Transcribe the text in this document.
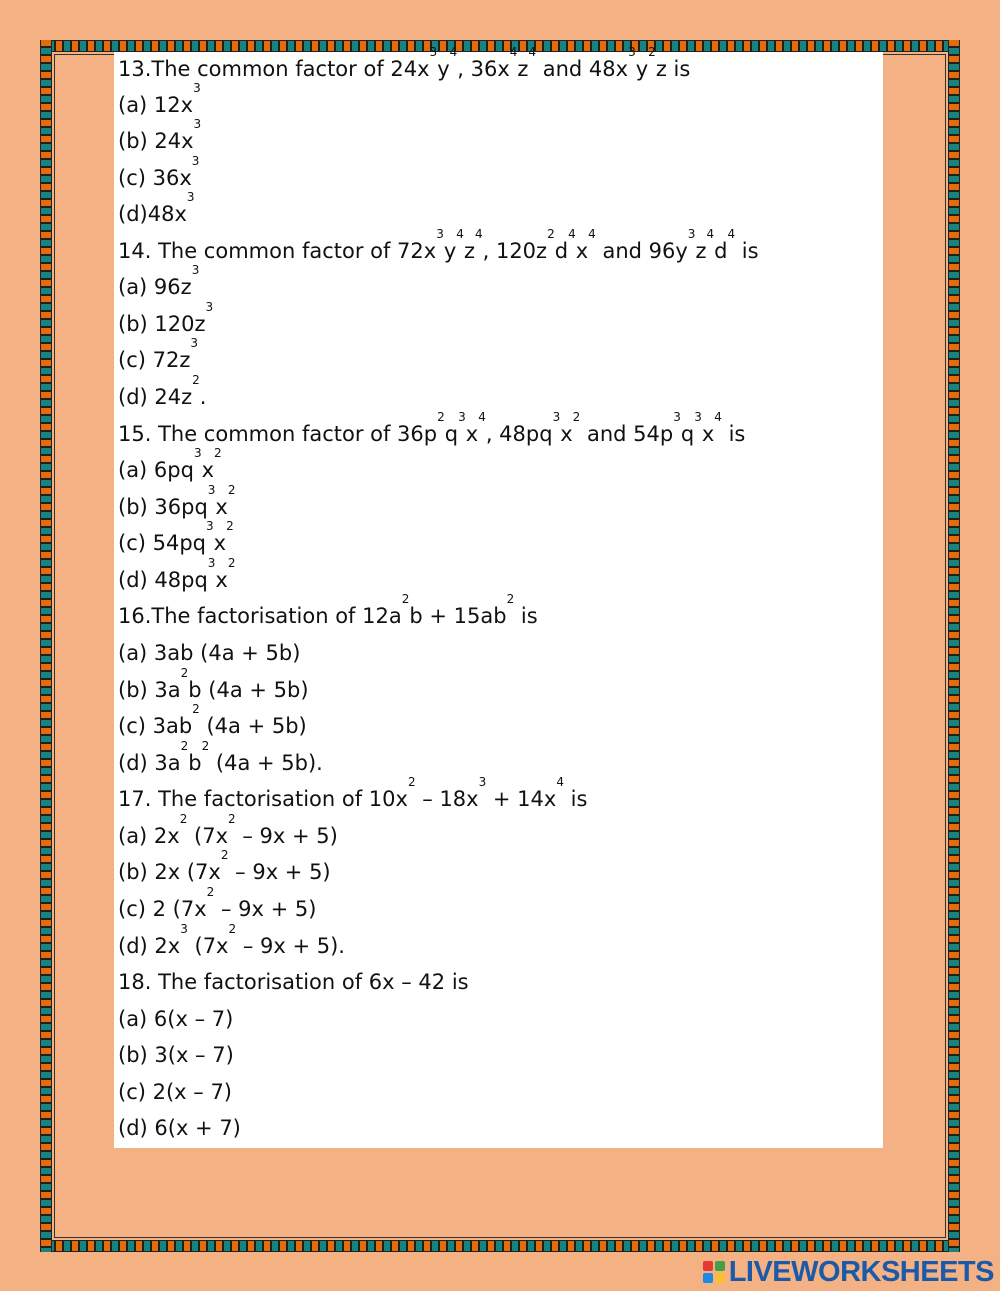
13.The common factor of $24x^3y^4$, $36x^4z^4$ and $48x^3y^2z$ is
(a) $12x^3$
(b) $24x^3$
(c) $36x^3$
$(d)48x^3$
14. The common factor of $72x^3y^4z^4$, $120z^2d^4x^4$ and $96y^3z^4d^4$ is
(a) $96z^3$
(b) $120z^3$
(c) $72z^3$
(d) $24z^2$.
15. The common factor of $36p^2q^3x^4$, $48pq^3x^2$ and $54p^3q^3x^4$ is
(a) $6pq^3x^2$
(b) $36pq^3x^2$
(c) $54pq^3x^2$
(d) $48pq^3x^2$
16.The factorisation of $12a^2b + 15ab^2$ is
(a) 3ab (4a + 5b)
(b) $3a^2b$ (4a + 5b)
(c) $3ab^2$ (4a + 5b)
(d) $3a^2b^2$ (4a + 5b).
17. The factorisation of $10x^2 - 18x^3 + 14x^4$ is
(a) $2x^2$ $(7x^2 - 9x + 5)$
(b) 2x $(7x^2 - 9x + 5)$
(c) 2 $(7x^2 - 9x + 5)$
(d) $2x^3$ $(7x^2 - 9x + 5)$.
18. The factorisation of 6x – 42 is
(a) 6(x – 7)
(b) 3(x – 7)
(c) 2(x – 7)
(d) 6(x + 7)
LIVEWORKSHEETS
